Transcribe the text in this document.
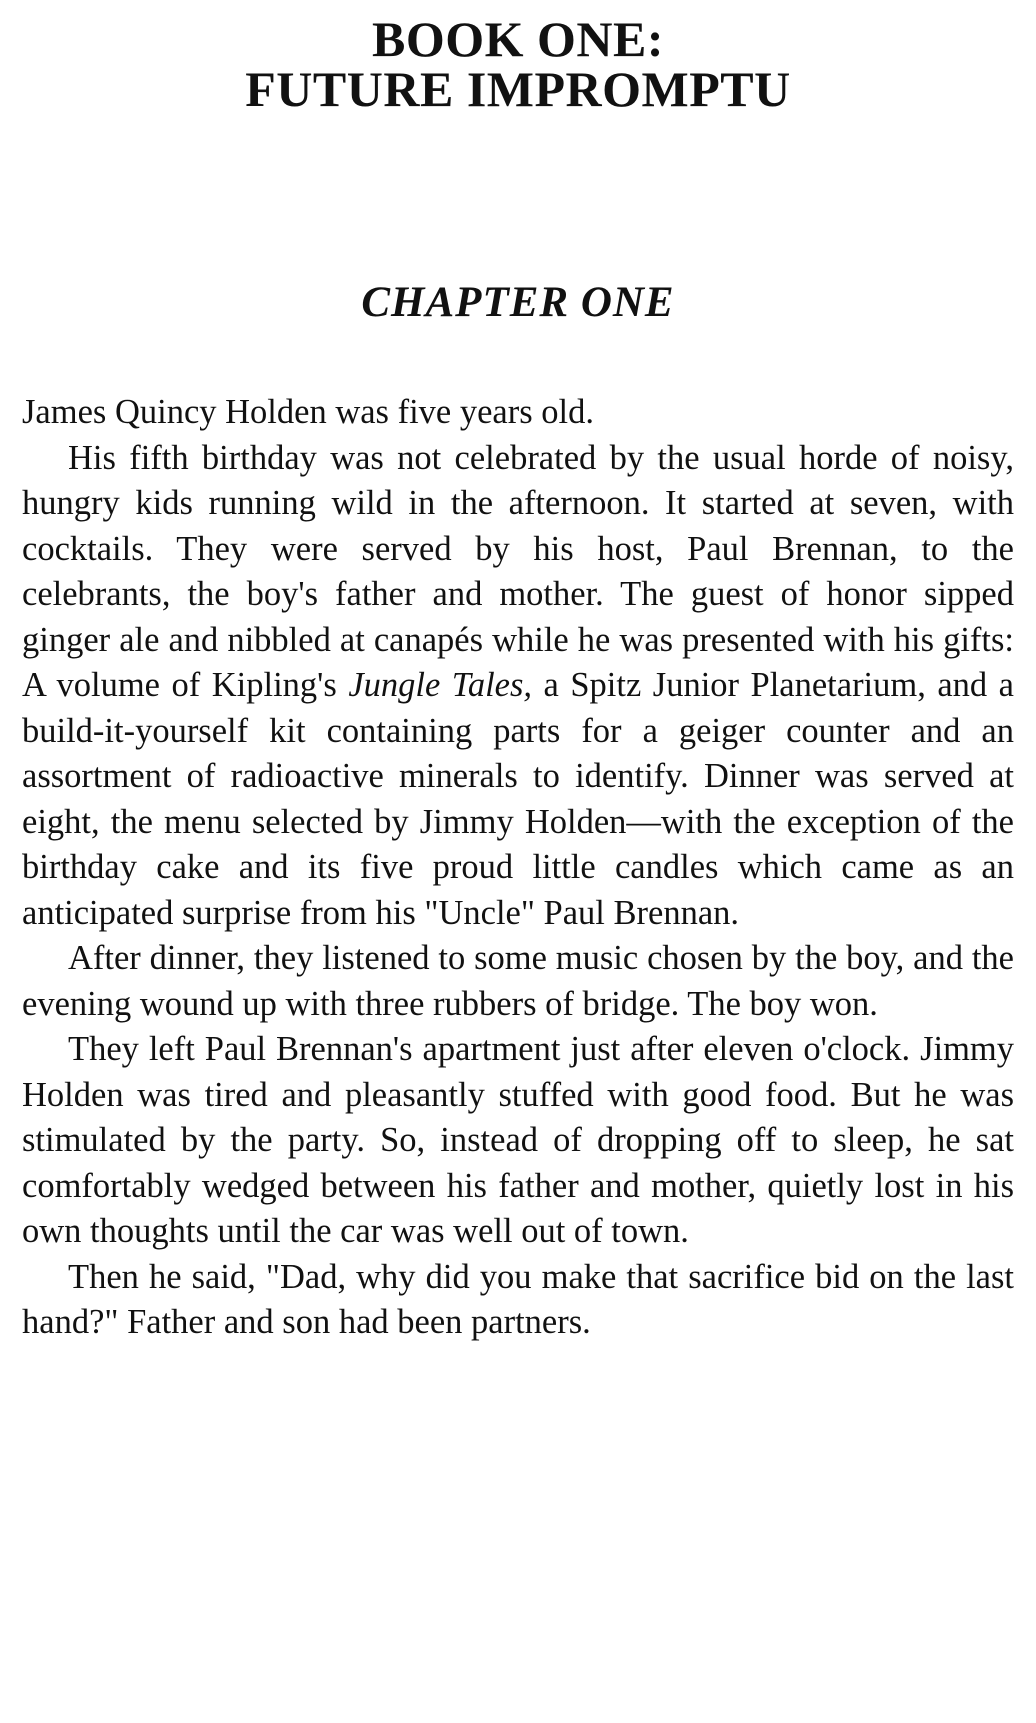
BOOK ONE:
FUTURE IMPROMPTU
CHAPTER ONE

James Quincy Holden was five years old.

His fifth birthday was not celebrated by the usual horde of noisy, hungry kids running wild in the afternoon. It started at seven, with cocktails. They were served by his host, Paul Brennan, to the celebrants, the boy's father and mother. The guest of honor sipped ginger ale and nibbled at canapés while he was presented with his gifts: A volume of Kipling's Jungle Tales, a Spitz Junior Planetarium, and a build-it-yourself kit containing parts for a geiger counter and an assortment of radioactive minerals to identify. Dinner was served at eight, the menu selected by Jimmy Holden—with the exception of the birthday cake and its five proud little candles which came as an anticipated surprise from his "Uncle" Paul Brennan.

After dinner, they listened to some music chosen by the boy, and the evening wound up with three rubbers of bridge. The boy won.

They left Paul Brennan's apartment just after eleven o'clock. Jimmy Holden was tired and pleasantly stuffed with good food. But he was stimulated by the party. So, instead of dropping off to sleep, he sat comfortably wedged between his father and mother, quietly lost in his own thoughts until the car was well out of town.

Then he said, "Dad, why did you make that sacrifice bid on the last hand?" Father and son had been partners.
